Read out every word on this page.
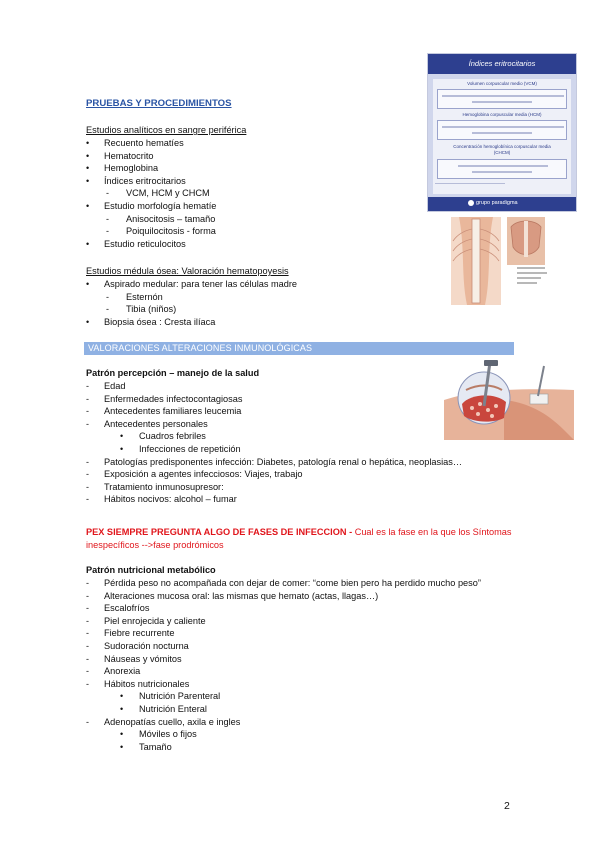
PRUEBAS Y PROCEDIMIENTOS
Estudios analíticos en sangre periférica
• Recuento hematíes
• Hematocrito
• Hemoglobina
• Índices eritrocitarios
- VCM, HCM y CHCM
• Estudio morfología hematíe
- Anisocitosis – tamaño
- Poiquilocitosis - forma
• Estudio reticulocitos
Estudios médula ósea: Valoración hematopoyesis
• Aspirado medular: para tener las células madre
- Esternón
- Tibia (niños)
• Biopsia ósea : Cresta ilíaca
VALORACIONES ALTERACIONES INMUNOLÓGICAS
Patrón percepción – manejo de la salud
- Edad
- Enfermedades infectocontagiosas
- Antecedentes familiares leucemia
- Antecedentes personales
• Cuadros febriles
• Infecciones de repetición
- Patologías predisponentes infección: Diabetes, patología renal o hepática, neoplasias…
- Exposición a agentes infecciosos: Viajes, trabajo
- Tratamiento inmunosupresor:
- Hábitos nocivos: alcohol – fumar
PEX SIEMPRE PREGUNTA ALGO DE FASES DE INFECCION - Cual es la fase en la que los Síntomas
inespecíficos -->fase prodrómicos
Patrón nutricional metabólico
- Pérdida peso no acompañada con dejar de comer: “come bien pero ha perdido mucho peso”
- Alteraciones mucosa oral: las mismas que hemato (actas, llagas…)
- Escalofríos
- Piel enrojecida y caliente
- Fiebre recurrente
- Sudoración nocturna
- Náuseas y vómitos
- Anorexia
- Hábitos nutricionales
• Nutrición Parenteral
• Nutrición Enteral
- Adenopatías cuello, axila e ingles
• Móviles o fijos
• Tamaño
Índices eritrocitarios
Volumen corpuscular medio (VCM)
Hemoglobina corpuscular media (HCM)
Concentración hemoglobínica corpuscular media (CHCM)
grupo paradigma
2
